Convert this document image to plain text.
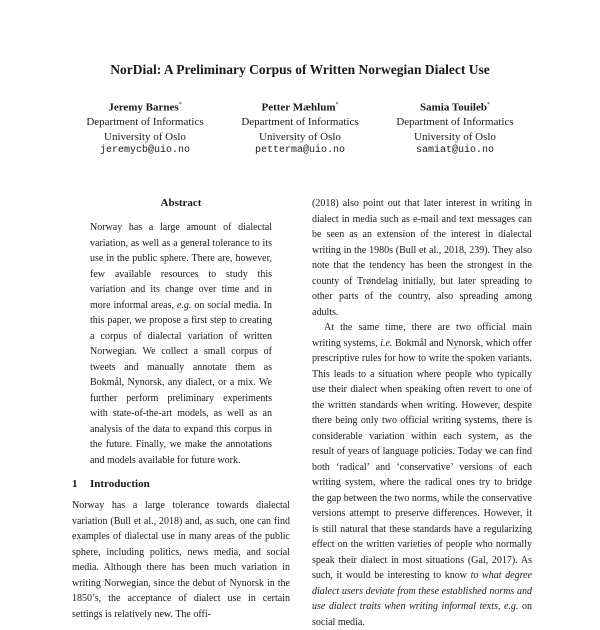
NorDial: A Preliminary Corpus of Written Norwegian Dialect Use
Jeremy Barnes*
Department of Informatics
University of Oslo
jeremycb@uio.no
Petter Mæhlum*
Department of Informatics
University of Oslo
petterma@uio.no
Samia Touileb*
Department of Informatics
University of Oslo
samiat@uio.no
Abstract

Norway has a large amount of dialectal variation, as well as a general tolerance to its use in the public sphere. There are, however, few available resources to study this variation and its change over time and in more informal areas, e.g. on social media. In this paper, we propose a first step to creating a corpus of dialectal variation of written Norwegian. We collect a small corpus of tweets and manually annotate them as Bokmål, Nynorsk, any dialect, or a mix. We further perform preliminary experiments with state-of-the-art models, as well as an analysis of the data to expand this corpus in the future. Finally, we make the annotations and models available for future work.

1 Introduction

Norway has a large tolerance towards dialectal variation (Bull et al., 2018) and, as such, one can find examples of dialectal use in many areas of the public sphere, including politics, news media, and social media. Although there has been much variation in writing Norwegian, since the debut of Nynorsk in the 1850’s, the acceptance of dialect use in certain settings is relatively new. The offi-

(2018) also point out that later interest in writing in dialect in media such as e-mail and text messages can be seen as an extension of the interest in dialectal writing in the 1980s (Bull et al., 2018, 239). They also note that the tendency has been the strongest in the county of Trøndelag initially, but later spreading to other parts of the country, also spreading among adults.

At the same time, there are two official main writing systems, i.e. Bokmål and Nynorsk, which offer prescriptive rules for how to write the spoken variants. This leads to a situation where people who typically use their dialect when speaking often revert to one of the written standards when writing. However, despite there being only two official writing systems, there is considerable variation within each system, as the result of years of language policies. Today we can find both ‘radical’ and ‘conservative’ versions of each writing system, where the radical ones try to bridge the gap between the two norms, while the conservative versions attempt to preserve differences. However, it is still natural that these standards have a regularizing effect on the written varieties of people who normally speak their dialect in most situations (Gal, 2017). As such, it would be interesting to know to what degree dialect users deviate from these established norms and use dialect traits when writing informal texts, e.g. on social media.
